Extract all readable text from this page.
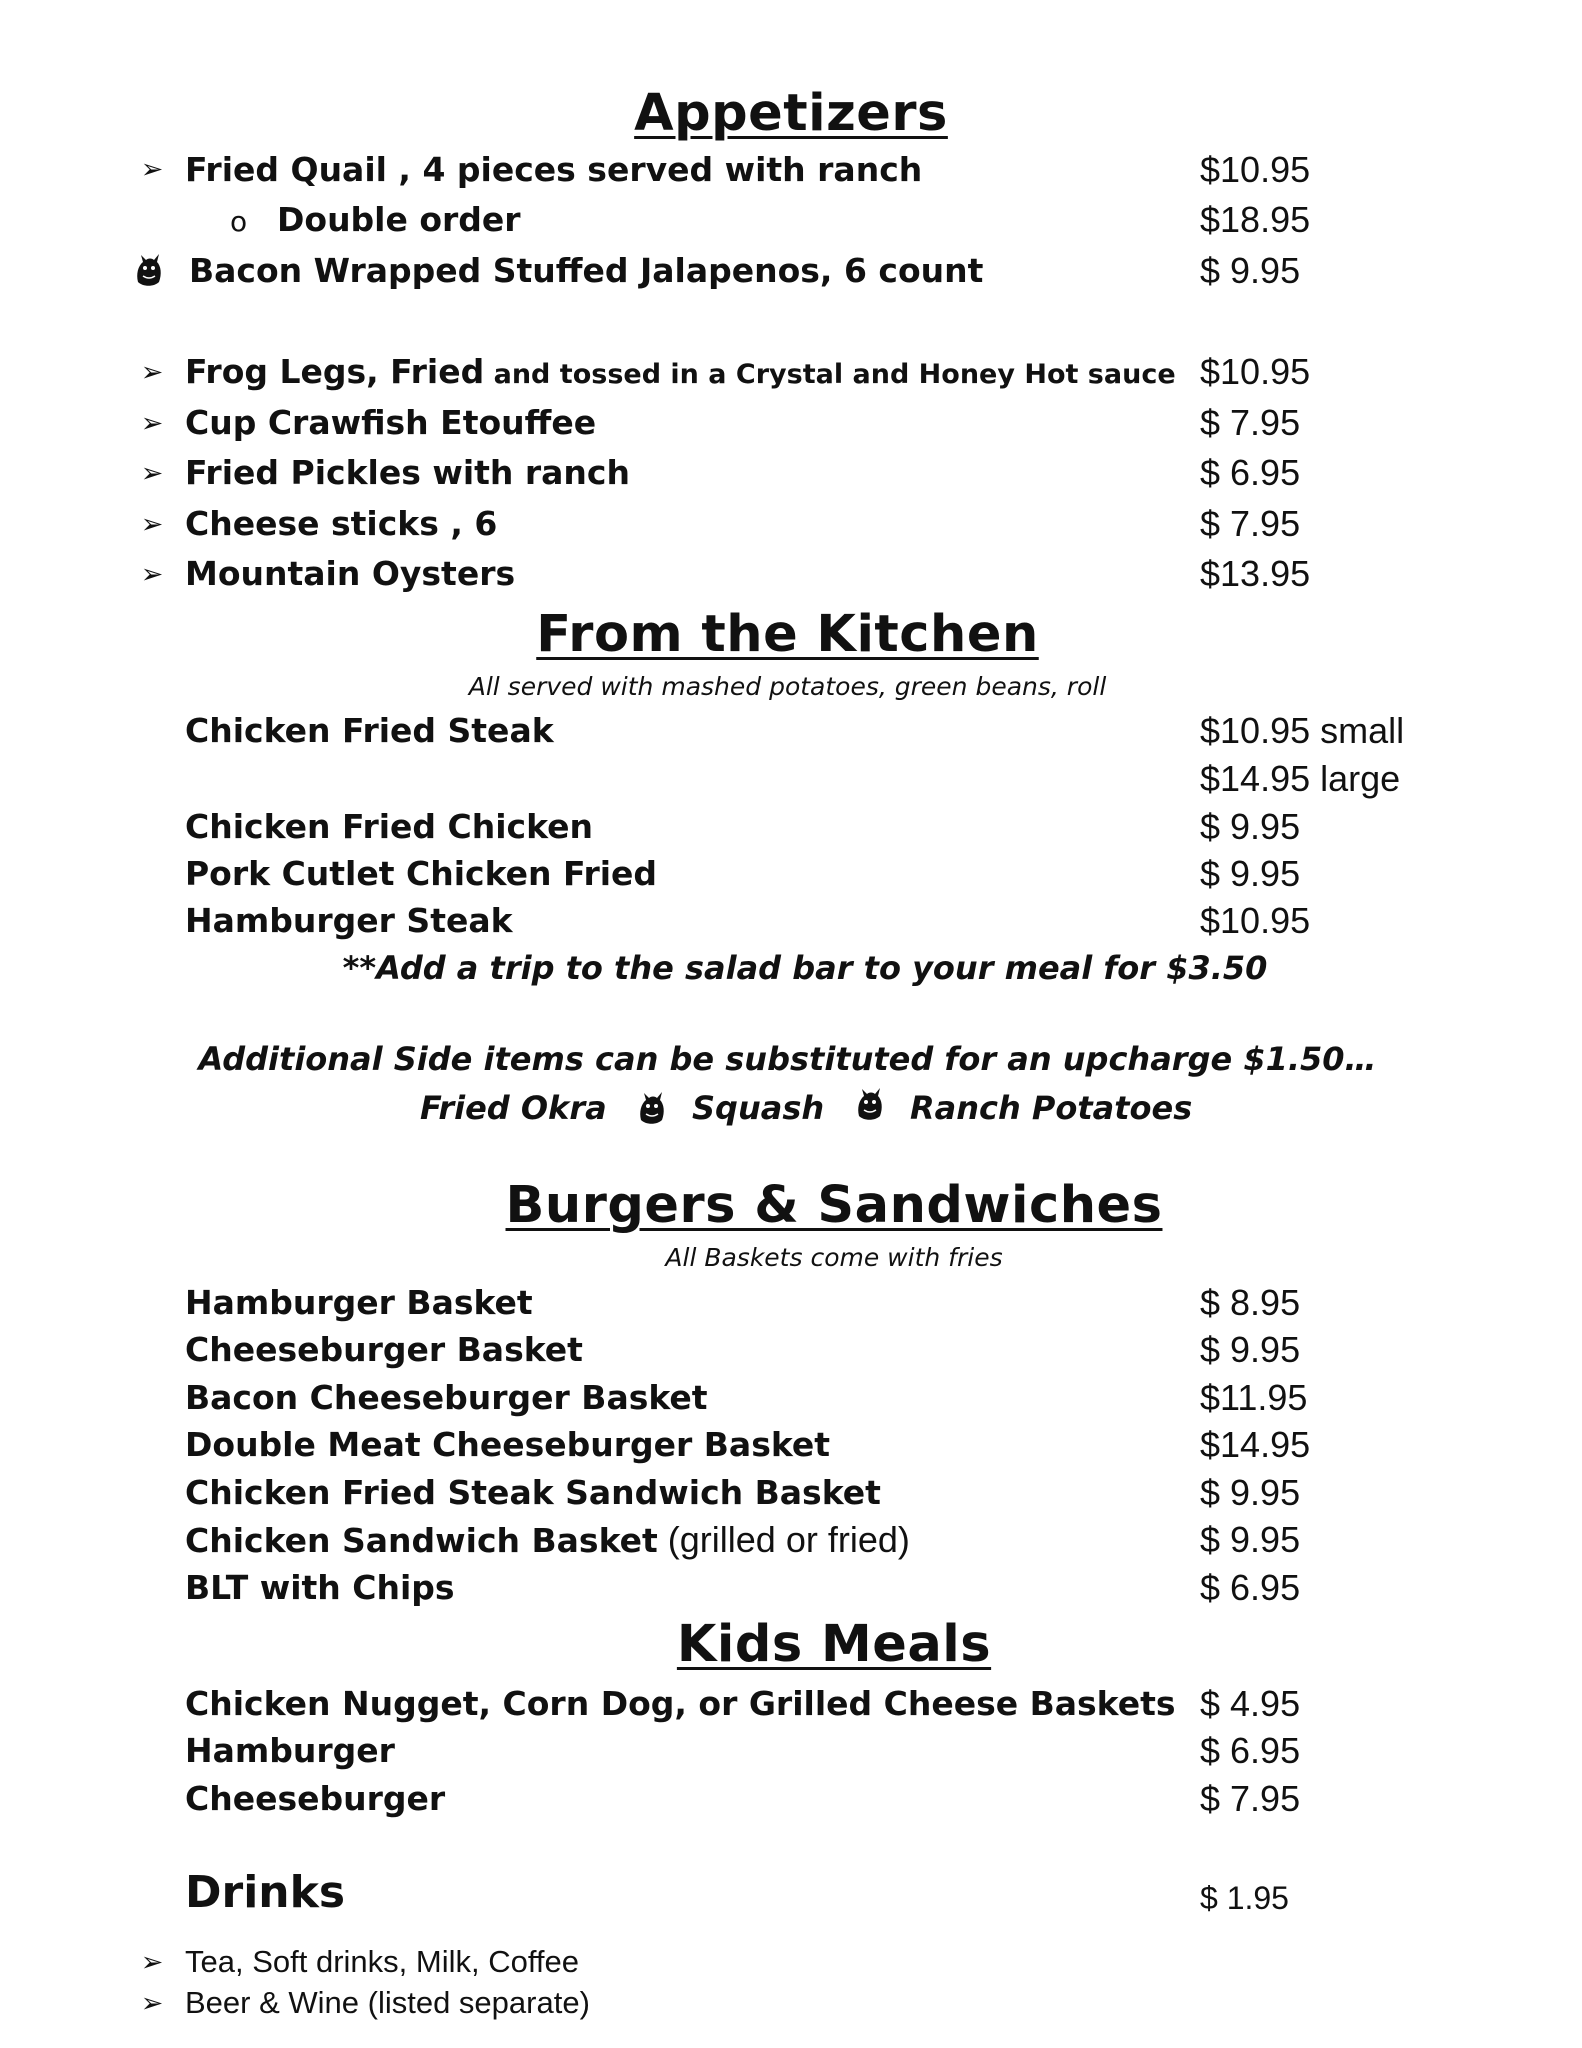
Appetizers
➢ Fried Quail , 4 pieces served with ranch	$10.95
o Double order	$18.95
Bacon Wrapped Stuffed Jalapenos, 6 count	$ 9.95
➢ Frog Legs, Fried and tossed in a Crystal and Honey Hot sauce $10.95
➢ Cup Crawfish Etouffee	$ 7.95
➢ Fried Pickles with ranch	$ 6.95
➢ Cheese sticks , 6	$ 7.95
➢ Mountain Oysters	$13.95
From the Kitchen
All served with mashed potatoes, green beans, roll
Chicken Fried Steak	$10.95 small
$14.95 large
Chicken Fried Chicken	$ 9.95
Pork Cutlet Chicken Fried	$ 9.95
Hamburger Steak	$10.95
**Add a trip to the salad bar to your meal for $3.50
Additional Side items can be substituted for an upcharge $1.50…
Fried Okra	Squash	Ranch Potatoes
Burgers & Sandwiches
All Baskets come with fries
Hamburger Basket	$ 8.95
Cheeseburger Basket	$ 9.95
Bacon Cheeseburger Basket	$11.95
Double Meat Cheeseburger Basket	$14.95
Chicken Fried Steak Sandwich Basket	$ 9.95
Chicken Sandwich Basket (grilled or fried)	$ 9.95
BLT with Chips	$ 6.95
Kids Meals
Chicken Nugget, Corn Dog, or Grilled Cheese Baskets $ 4.95
Hamburger	$ 6.95
Cheeseburger	$ 7.95
Drinks	$ 1.95
➢ Tea, Soft drinks, Milk, Coffee
➢ Beer & Wine (listed separate)
